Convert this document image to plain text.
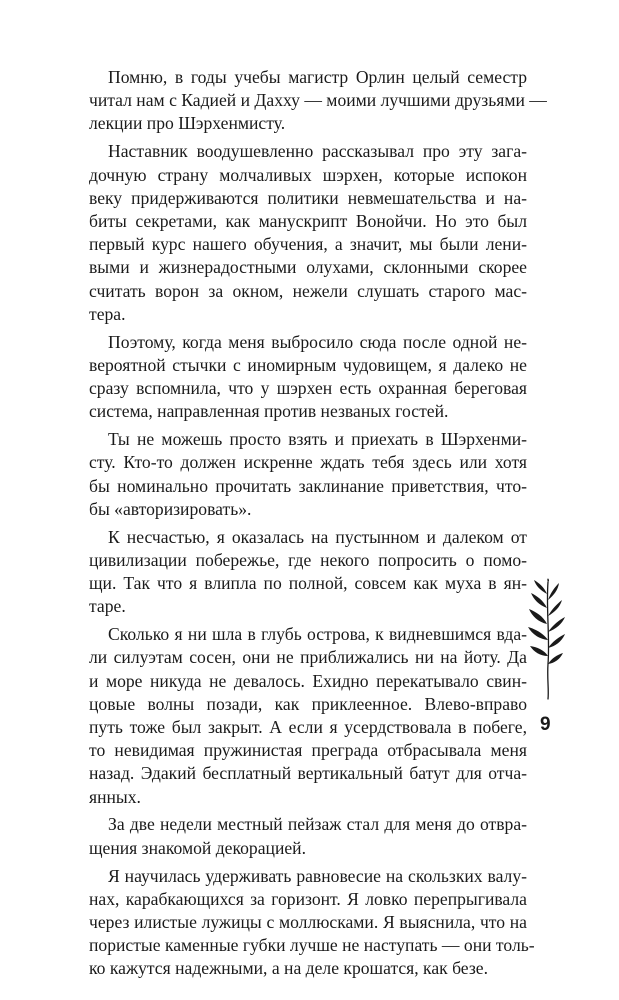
Помню, в годы учебы магистр Орлин целый семестр
читал нам с Кадией и Дахху — моими лучшими друзьями —
лекции про Шэрхенмисту.
Наставник воодушевленно рассказывал про эту зага-
дочную страну молчаливых шэрхен, которые испокон
веку придерживаются политики невмешательства и на-
биты секретами, как манускрипт Вонойчи. Но это был
первый курс нашего обучения, а значит, мы были лени-
выми и жизнерадостными олухами, склонными скорее
считать ворон за окном, нежели слушать старого мас-
тера.
Поэтому, когда меня выбросило сюда после одной не-
вероятной стычки с иномирным чудовищем, я далеко не
сразу вспомнила, что у шэрхен есть охранная береговая
система, направленная против незваных гостей.
Ты не можешь просто взять и приехать в Шэрхенми-
сту. Кто-то должен искренне ждать тебя здесь или хотя
бы номинально прочитать заклинание приветствия, что-
бы «авторизировать».
К несчастью, я оказалась на пустынном и далеком от
цивилизации побережье, где некого попросить о помо-
щи. Так что я влипла по полной, совсем как муха в ян-
таре.
Сколько я ни шла в глубь острова, к видневшимся вда-
ли силуэтам сосен, они не приближались ни на йоту. Да
и море никуда не девалось. Ехидно перекатывало свин-
цовые волны позади, как приклеенное. Влево-вправо
путь тоже был закрыт. А если я усердствовала в побеге,
то невидимая пружинистая преграда отбрасывала меня
назад. Эдакий бесплатный вертикальный батут для отча-
янных.
За две недели местный пейзаж стал для меня до отвра-
щения знакомой декорацией.
Я научилась удерживать равновесие на скользких валу-
нах, карабкающихся за горизонт. Я ловко перепрыгивала
через илистые лужицы с моллюсками. Я выяснила, что на
пористые каменные губки лучше не наступать — они толь-
ко кажутся надежными, а на деле крошатся, как безе.
9
